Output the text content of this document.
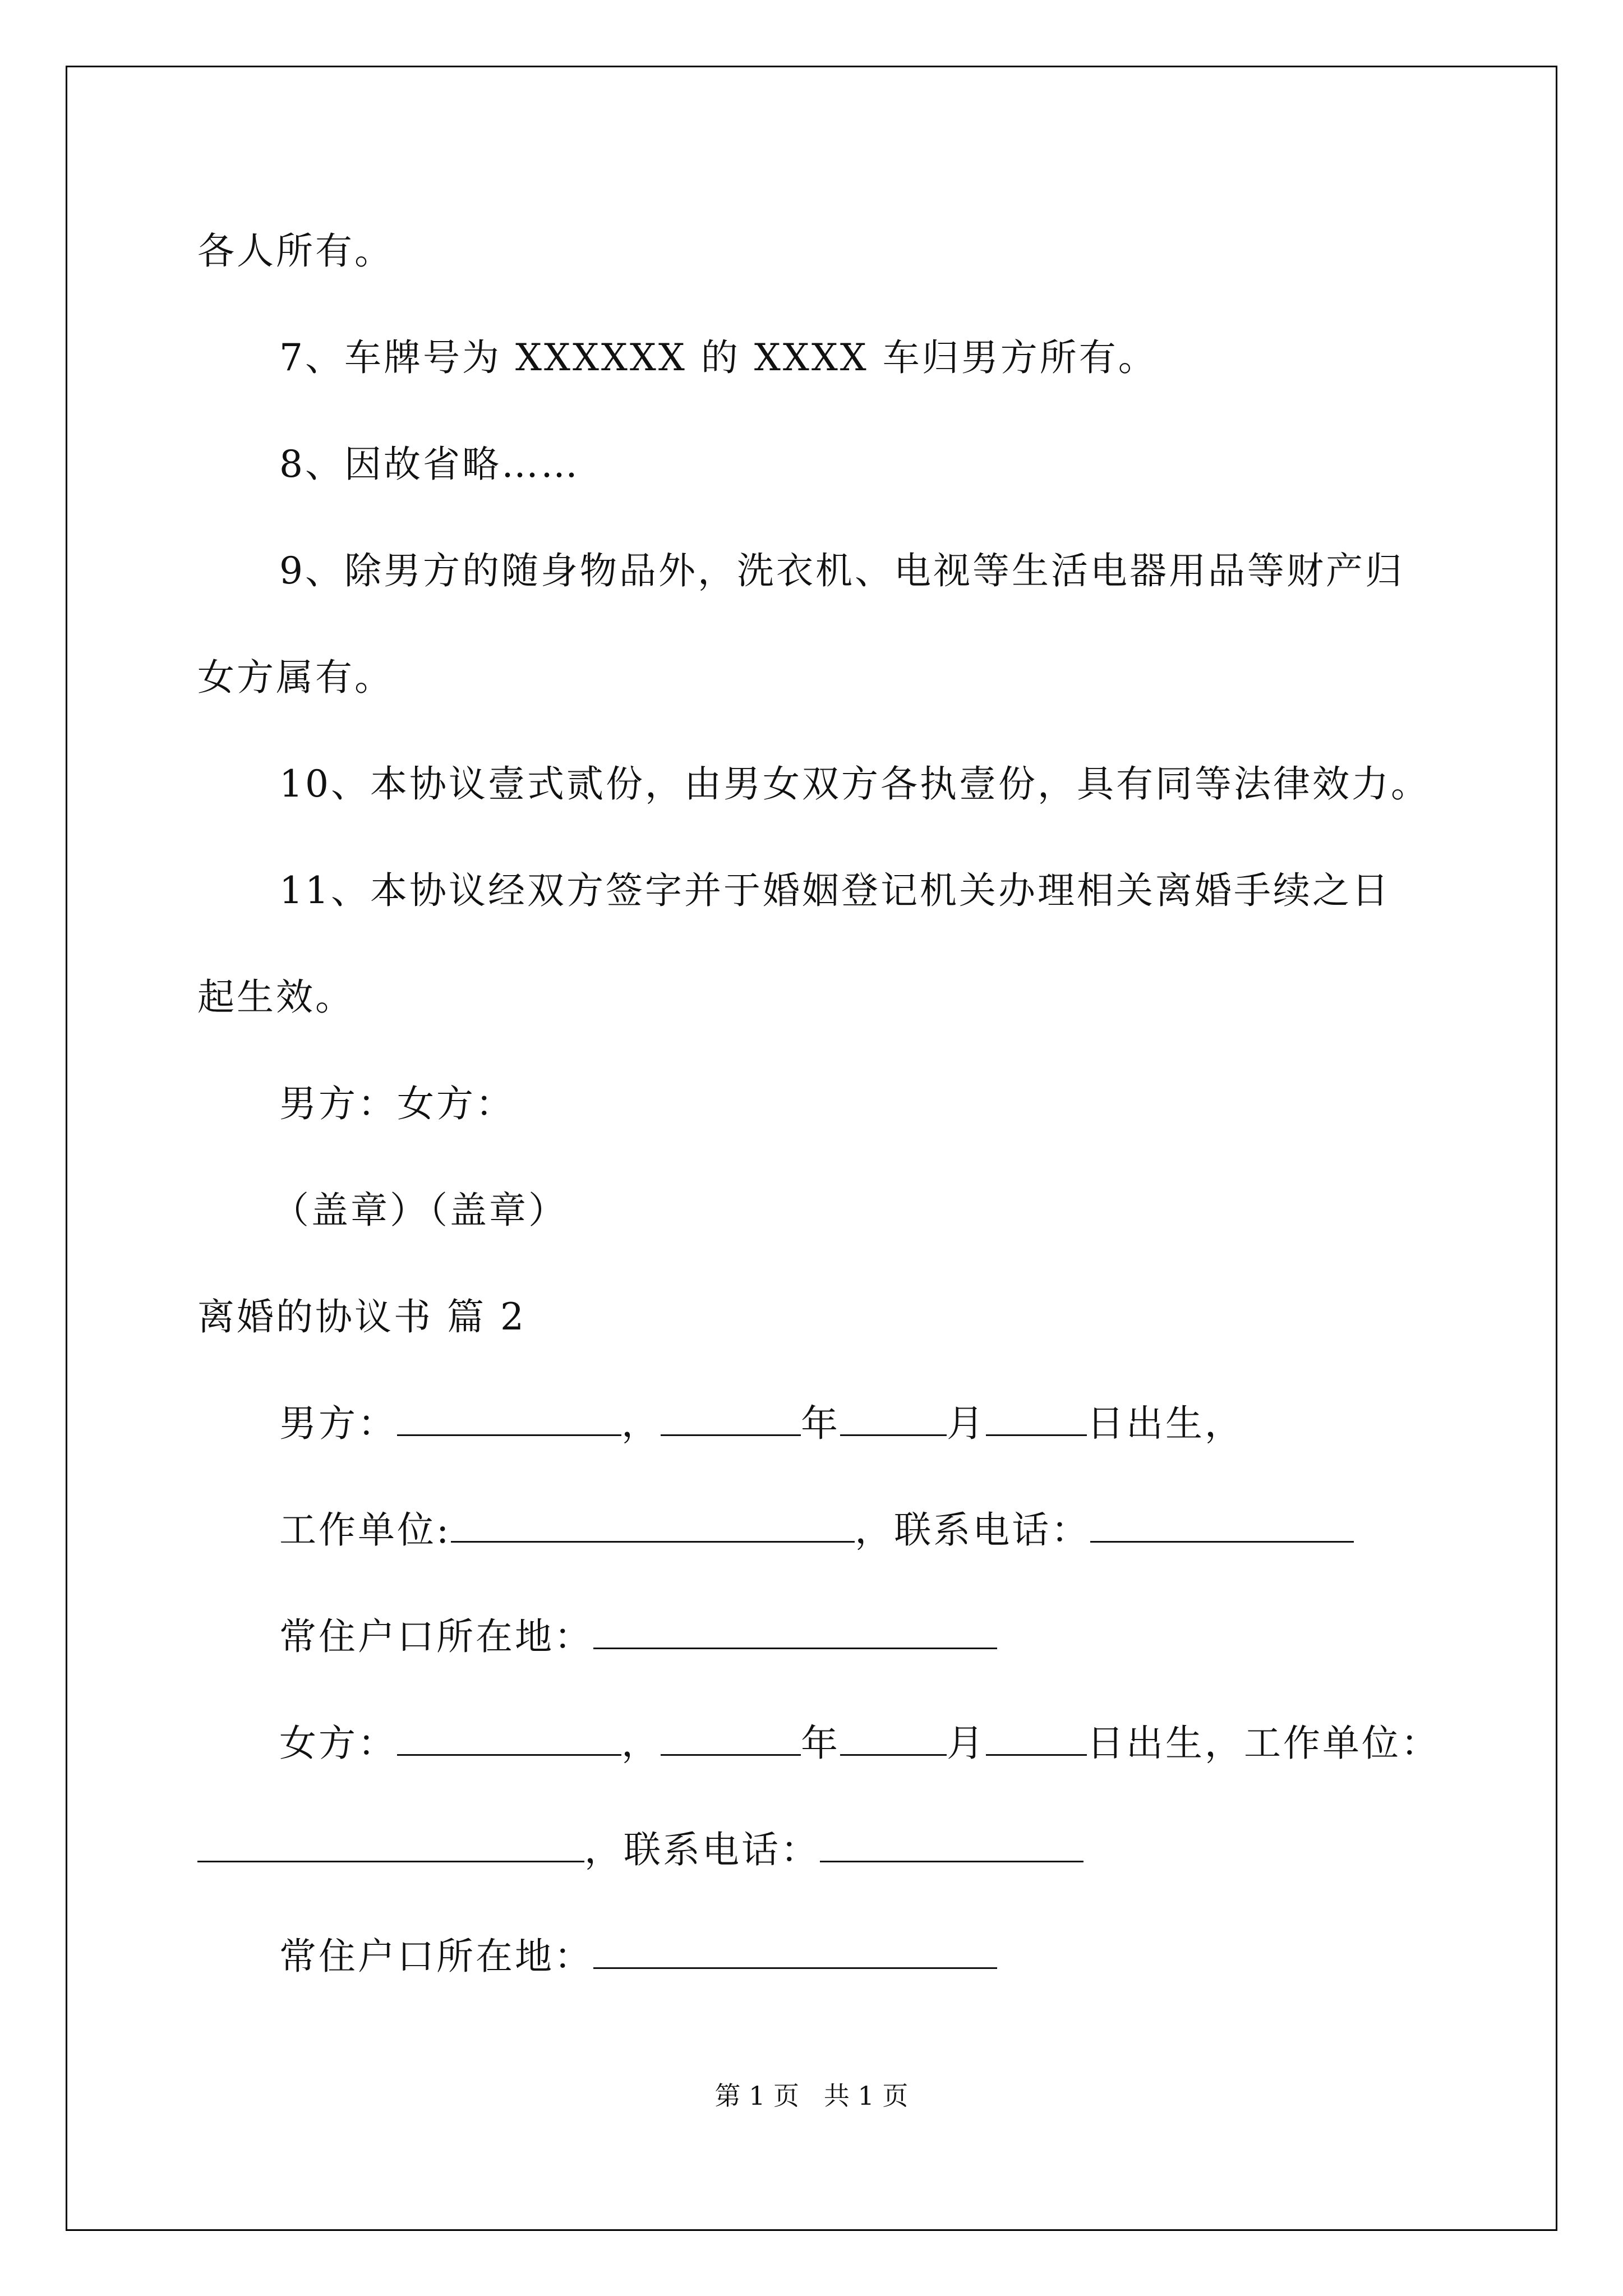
各人所有。
7、车牌号为 XXXXXX 的 XXXX 车归男方所有。
8、因故省略……
9、除男方的随身物品外，洗衣机、电视等生活电器用品等财产归
女方属有。
10、本协议壹式贰份，由男女双方各执壹份，具有同等法律效力。
11、本协议经双方签字并于婚姻登记机关办理相关离婚手续之日
起生效。
男方：女方：
（盖章）（盖章）
离婚的协议书 篇 2
男方：	，	年	月	日出生，
工作单位:	，联系电话：
常住户口所在地：
女方：	，	年	月	日出生，工作单位：
，联系电话：
常住户口所在地：
第 1 页   共 1 页
